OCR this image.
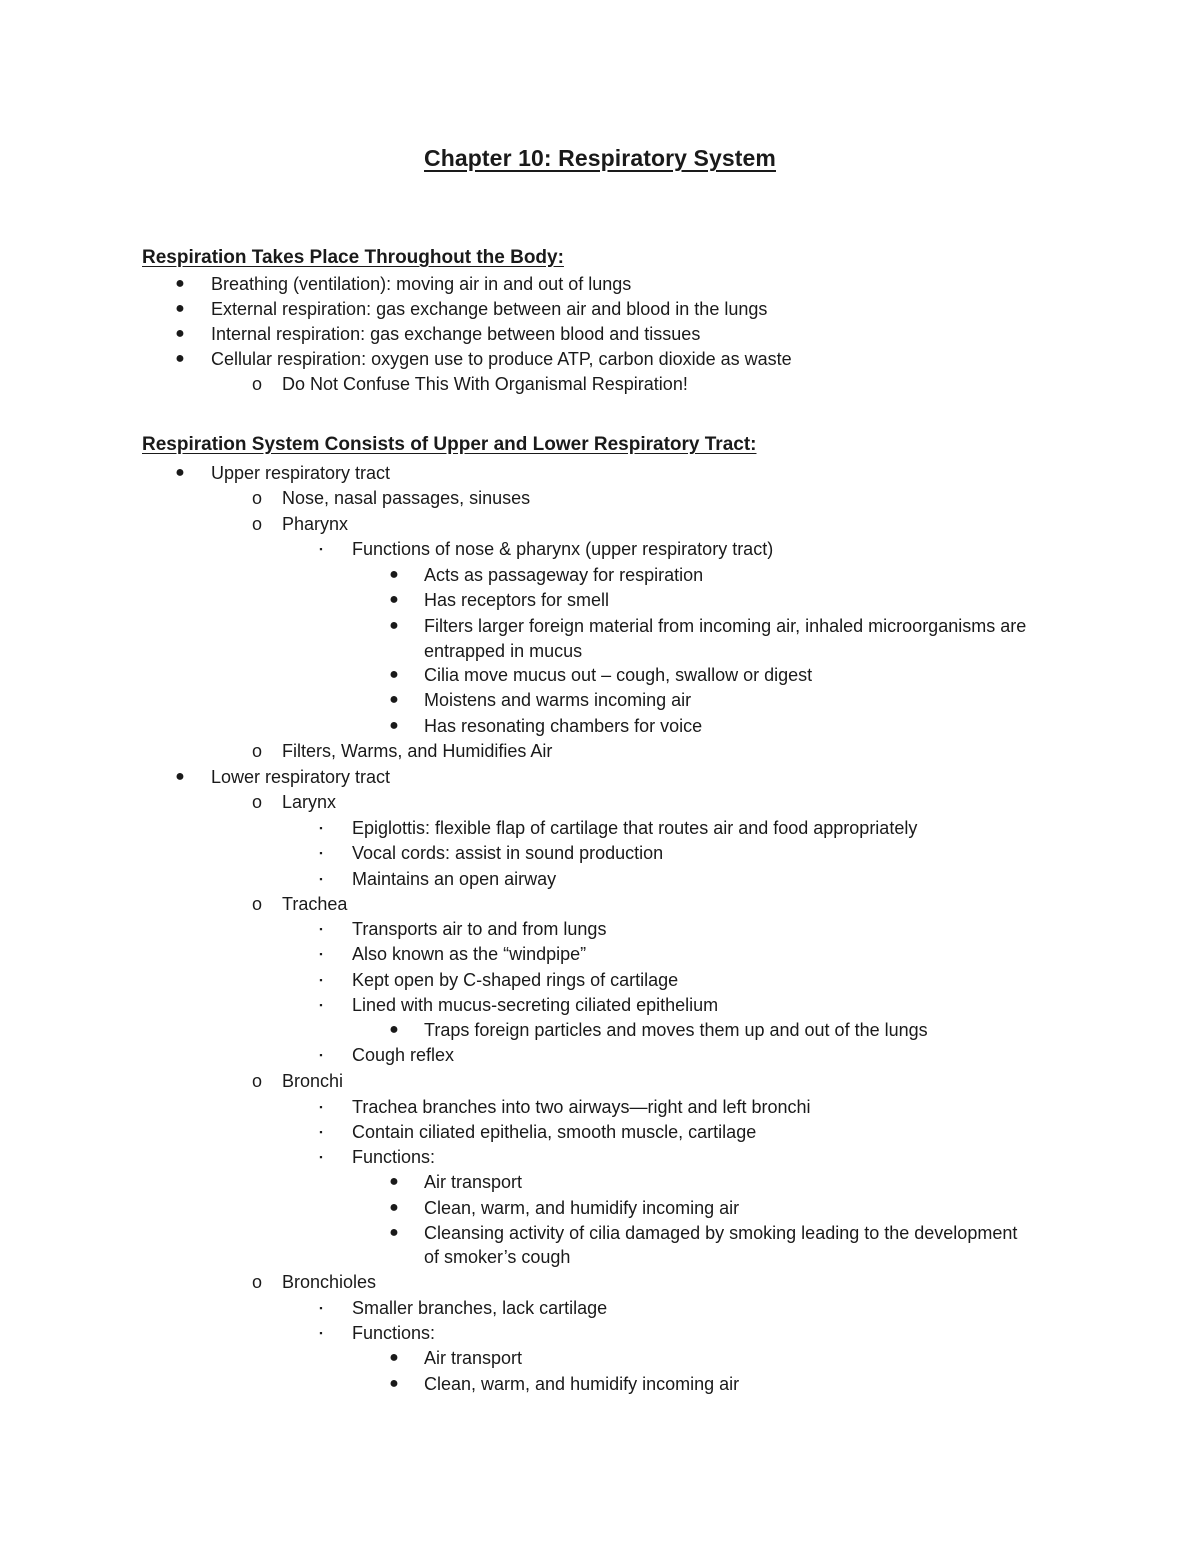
Chapter 10: Respiratory System
Respiration Takes Place Throughout the Body:
● Breathing (ventilation): moving air in and out of lungs
● External respiration: gas exchange between air and blood in the lungs
● Internal respiration: gas exchange between blood and tissues
● Cellular respiration: oxygen use to produce ATP, carbon dioxide as waste
o Do Not Confuse This With Organismal Respiration!
Respiration System Consists of Upper and Lower Respiratory Tract:
● Upper respiratory tract
o Nose, nasal passages, sinuses
o Pharynx
▪	Functions of nose & pharynx (upper respiratory tract)
● Acts as passageway for respiration
● Has receptors for smell
● Filters larger foreign material from incoming air, inhaled microorganisms are
entrapped in mucus
● Cilia move mucus out – cough, swallow or digest
● Moistens and warms incoming air
● Has resonating chambers for voice
o Filters, Warms, and Humidifies Air
● Lower respiratory tract
o Larynx
▪	Epiglottis: flexible flap of cartilage that routes air and food appropriately
▪	Vocal cords: assist in sound production
▪	Maintains an open airway
o Trachea
▪	Transports air to and from lungs
▪	Also known as the “windpipe”
▪	Kept open by C-shaped rings of cartilage
▪	Lined with mucus-secreting ciliated epithelium
● Traps foreign particles and moves them up and out of the lungs
▪	Cough reflex
o Bronchi
▪	Trachea branches into two airways—right and left bronchi
▪	Contain ciliated epithelia, smooth muscle, cartilage
▪	Functions:
● Air transport
● Clean, warm, and humidify incoming air
● Cleansing activity of cilia damaged by smoking leading to the development
of smoker’s cough
o Bronchioles
▪	Smaller branches, lack cartilage
▪	Functions:
● Air transport
● Clean, warm, and humidify incoming air
